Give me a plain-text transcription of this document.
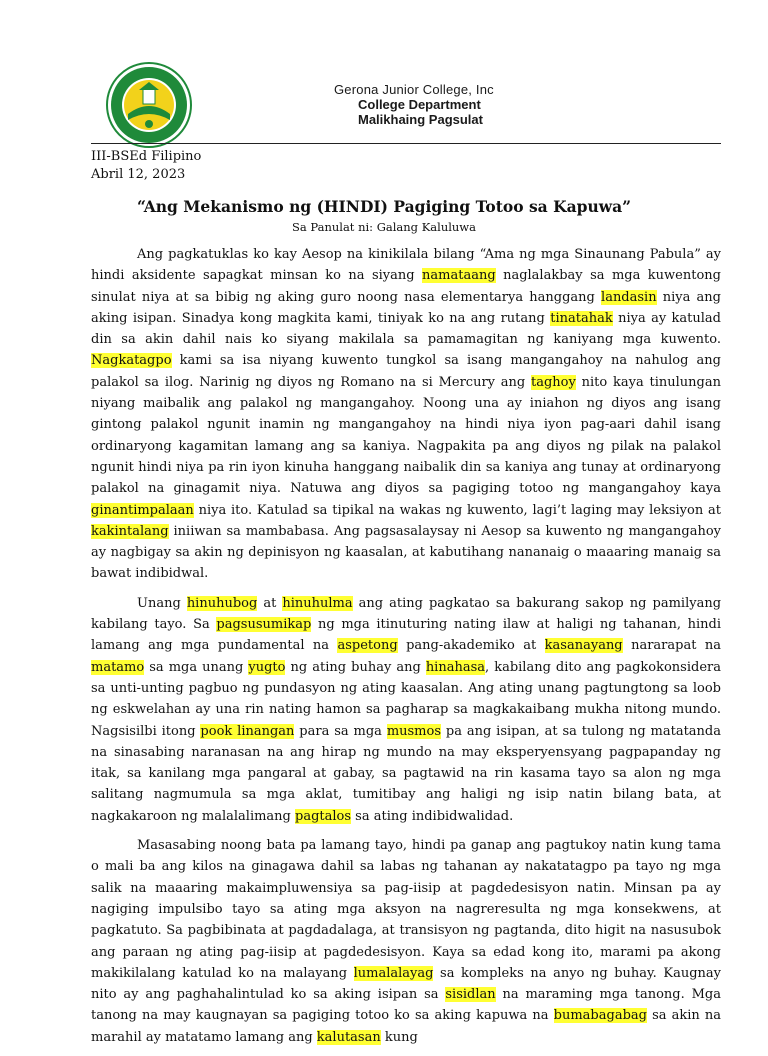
Gerona Junior College, Inc
College Department
Malikhaing Pagsulat
III-BSEd Filipino
Abril 12, 2023
“Ang Mekanismo ng (HINDI) Pagiging Totoo sa Kapuwa”
Sa Panulat ni: Galang Kaluluwa

Ang pagkatuklas ko kay Aesop na kinikilala bilang “Ama ng mga Sinaunang Pabula” ay hindi aksidente sapagkat minsan ko na siyang namataang naglalakbay sa mga kuwentong sinulat niya at sa bibig ng aking guro noong nasa elementarya hanggang landasin niya ang aking isipan. Sinadya kong magkita kami, tiniyak ko na ang rutang tinatahak niya ay katulad din sa akin dahil nais ko siyang makilala sa pamamagitan ng kaniyang mga kuwento. Nagkatagpo kami sa isa niyang kuwento tungkol sa isang mangangahoy na nahulog ang palakol sa ilog. Narinig ng diyos ng Romano na si Mercury ang taghoy nito kaya tinulungan niyang maibalik ang palakol ng mangangahoy. Noong una ay iniahon ng diyos ang isang gintong palakol ngunit inamin ng mangangahoy na hindi niya iyon pag-aari dahil isang ordinaryong kagamitan lamang ang sa kaniya. Nagpakita pa ang diyos ng pilak na palakol ngunit hindi niya pa rin iyon kinuha hanggang naibalik din sa kaniya ang tunay at ordinaryong palakol na ginagamit niya. Natuwa ang diyos sa pagiging totoo ng mangangahoy kaya ginantimpalaan niya ito. Katulad sa tipikal na wakas ng kuwento, lagi’t laging may leksiyon at kakintalang iniiwan sa mambabasa. Ang pagsasalaysay ni Aesop sa kuwento ng mangangahoy ay nagbigay sa akin ng depinisyon ng kaasalan, at kabutihang nananaig o maaaring manaig sa bawat indibidwal.

Unang hinuhubog at hinuhulma ang ating pagkatao sa bakurang sakop ng pamilyang kabilang tayo. Sa pagsusumikap ng mga itinuturing nating ilaw at haligi ng tahanan, hindi lamang ang mga pundamental na aspetong pang-akademiko at kasanayang nararapat na matamo sa mga unang yugto ng ating buhay ang hinahasa, kabilang dito ang pagkokonsidera sa unti-unting pagbuo ng pundasyon ng ating kaasalan. Ang ating unang pagtungtong sa loob ng eskwelahan ay una rin nating hamon sa pagharap sa magkakaibang mukha nitong mundo. Nagsisilbi itong pook linangan para sa mga musmos pa ang isipan, at sa tulong ng matatanda na sinasabing naranasan na ang hirap ng mundo na may eksperyensyang pagpapanday ng itak, sa kanilang mga pangaral at gabay, sa pagtawid na rin kasama tayo sa alon ng mga salitang nagmumula sa mga aklat, tumitibay ang haligi ng isip natin bilang bata, at nagkakaroon ng malalalimang pagtalos sa ating indibidwalidad.

Masasabing noong bata pa lamang tayo, hindi pa ganap ang pagtukoy natin kung tama o mali ba ang kilos na ginagawa dahil sa labas ng tahanan ay nakatatagpo pa tayo ng mga salik na maaaring makaimpluwensiya sa pag-iisip at pagdedesisyon natin. Minsan pa ay nagiging impulsibo tayo sa ating mga aksyon na nagreresulta ng mga konsekwens, at pagkatuto. Sa pagbibinata at pagdadalaga, at transisyon ng pagtanda, dito higit na nasusubok ang paraan ng ating pag-iisip at pagdedesisyon. Kaya sa edad kong ito, marami pa akong makikilalang katulad ko na malayang lumalalayag sa kompleks na anyo ng buhay. Kaugnay nito ay ang paghahalintulad ko sa aking isipan sa sisidlan na maraming mga tanong. Mga tanong na may kaugnayan sa pagiging totoo ko sa aking kapuwa na bumabagabag sa akin na marahil ay matatamo lamang ang kalutasan kung
